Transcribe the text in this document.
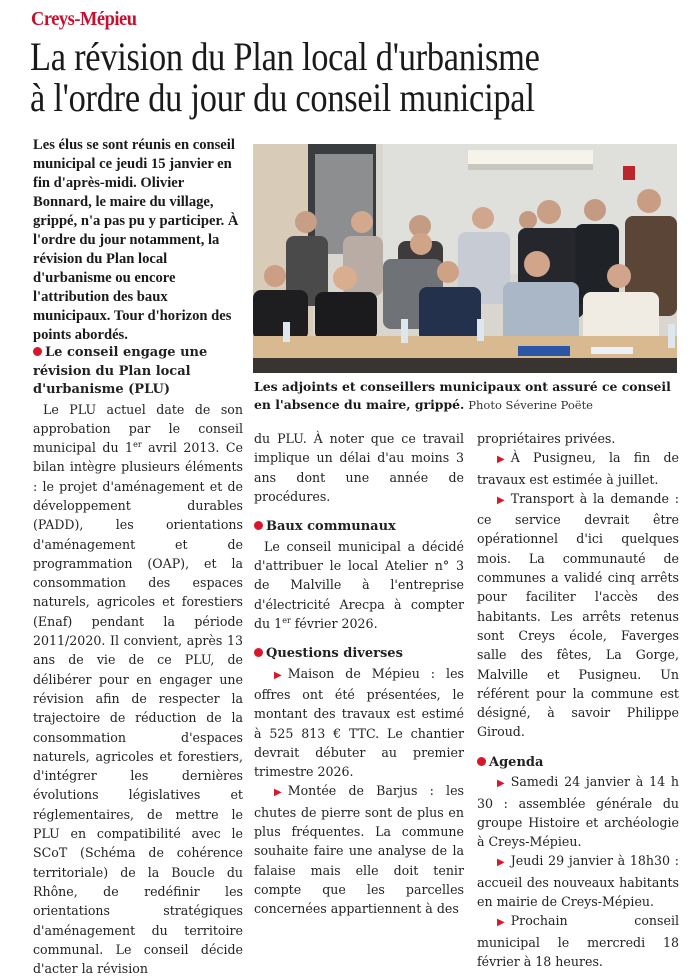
Creys-Mépieu
La révision du Plan local d'urbanisme
à l'ordre du jour du conseil municipal
Les élus se sont réunis en conseil municipal ce jeudi 15 janvier en fin d'après-midi. Olivier Bonnard, le maire du village, grippé, n'a pas pu y participer. À l'ordre du jour notamment, la révision du Plan local d'urbanisme ou encore l'attribution des baux municipaux. Tour d'horizon des points abordés.
Les adjoints et conseillers municipaux ont assuré ce conseil en l'absence du maire, grippé. Photo Séverine Poëte

Le conseil engage une révision du Plan local d'urbanisme (PLU)

Le PLU actuel date de son approbation par le conseil municipal du 1er avril 2013. Ce bilan intègre plusieurs éléments : le projet d'aménagement et de développement durables (PADD), les orientations d'aménagement et de programmation (OAP), et la consommation des espaces naturels, agricoles et forestiers (Enaf) pendant la période 2011/2020. Il convient, après 13 ans de vie de ce PLU, de délibérer pour en engager une révision afin de respecter la trajectoire de réduction de la consommation d'espaces naturels, agricoles et forestiers, d'intégrer les dernières évolutions législatives et réglementaires, de mettre le PLU en compatibilité avec le SCoT (Schéma de cohérence territoriale) de la Boucle du Rhône, de redéfinir les orientations stratégiques d'aménagement du territoire communal. Le conseil décide d'acter la révision

du PLU. À noter que ce travail implique un délai d'au moins 3 ans dont une année de procédures.

Baux communaux

Le conseil municipal a décidé d'attribuer le local Atelier n° 3 de Malville à l'entreprise d'électricité Arecpa à compter du 1er février 2026.

Questions diverses

▶ Maison de Mépieu : les offres ont été présentées, le montant des travaux est estimé à 525 813 € TTC. Le chantier devrait débuter au premier trimestre 2026.

▶ Montée de Barjus : les chutes de pierre sont de plus en plus fréquentes. La commune souhaite faire une analyse de la falaise mais elle doit tenir compte que les parcelles concernées appartiennent à des

propriétaires privées.

▶ À Pusigneu, la fin de travaux est estimée à juillet.

▶ Transport à la demande : ce service devrait être opérationnel d'ici quelques mois. La communauté de communes a validé cinq arrêts pour faciliter l'accès des habitants. Les arrêts retenus sont Creys école, Faverges salle des fêtes, La Gorge, Malville et Pusigneu. Un référent pour la commune est désigné, à savoir Philippe Giroud.

Agenda

▶ Samedi 24 janvier à 14 h 30 : assemblée générale du groupe Histoire et archéologie à Creys-Mépieu.

▶ Jeudi 29 janvier à 18h30 : accueil des nouveaux habitants en mairie de Creys-Mépieu.

▶ Prochain conseil municipal le mercredi 18 février à 18 heures.
